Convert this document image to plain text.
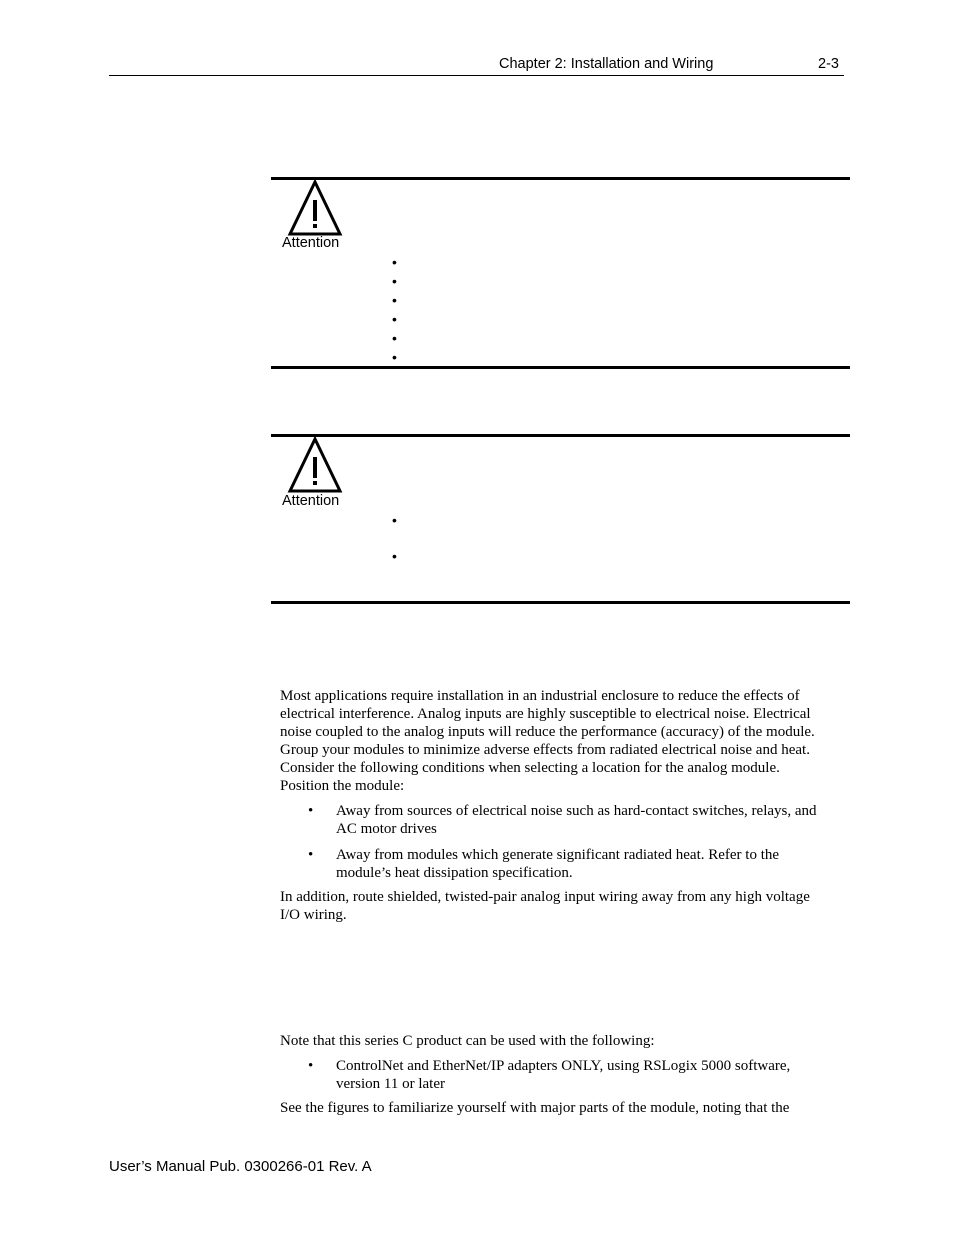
Chapter 2: Installation and Wiring	2-3
Attention
•
•
•
•
•
•
Attention
•
•
Most applications require installation in an industrial enclosure to reduce the effects of
electrical interference. Analog inputs are highly susceptible to electrical noise. Electrical
noise coupled to the analog inputs will reduce the performance (accuracy) of the module.
Group your modules to minimize adverse effects from radiated electrical noise and heat.
Consider the following conditions when selecting a location for the analog module.
Position the module:
• Away from sources of electrical noise such as hard-contact switches, relays, and
AC motor drives
• Away from modules which generate significant radiated heat. Refer to the
module’s heat dissipation specification.
In addition, route shielded, twisted-pair analog input wiring away from any high voltage
I/O wiring.
Note that this series C product can be used with the following:
• ControlNet and EtherNet/IP adapters ONLY, using RSLogix 5000 software,
version 11 or later
See the figures to familiarize yourself with major parts of the module, noting that the
User’s Manual Pub. 0300266-01 Rev. A
